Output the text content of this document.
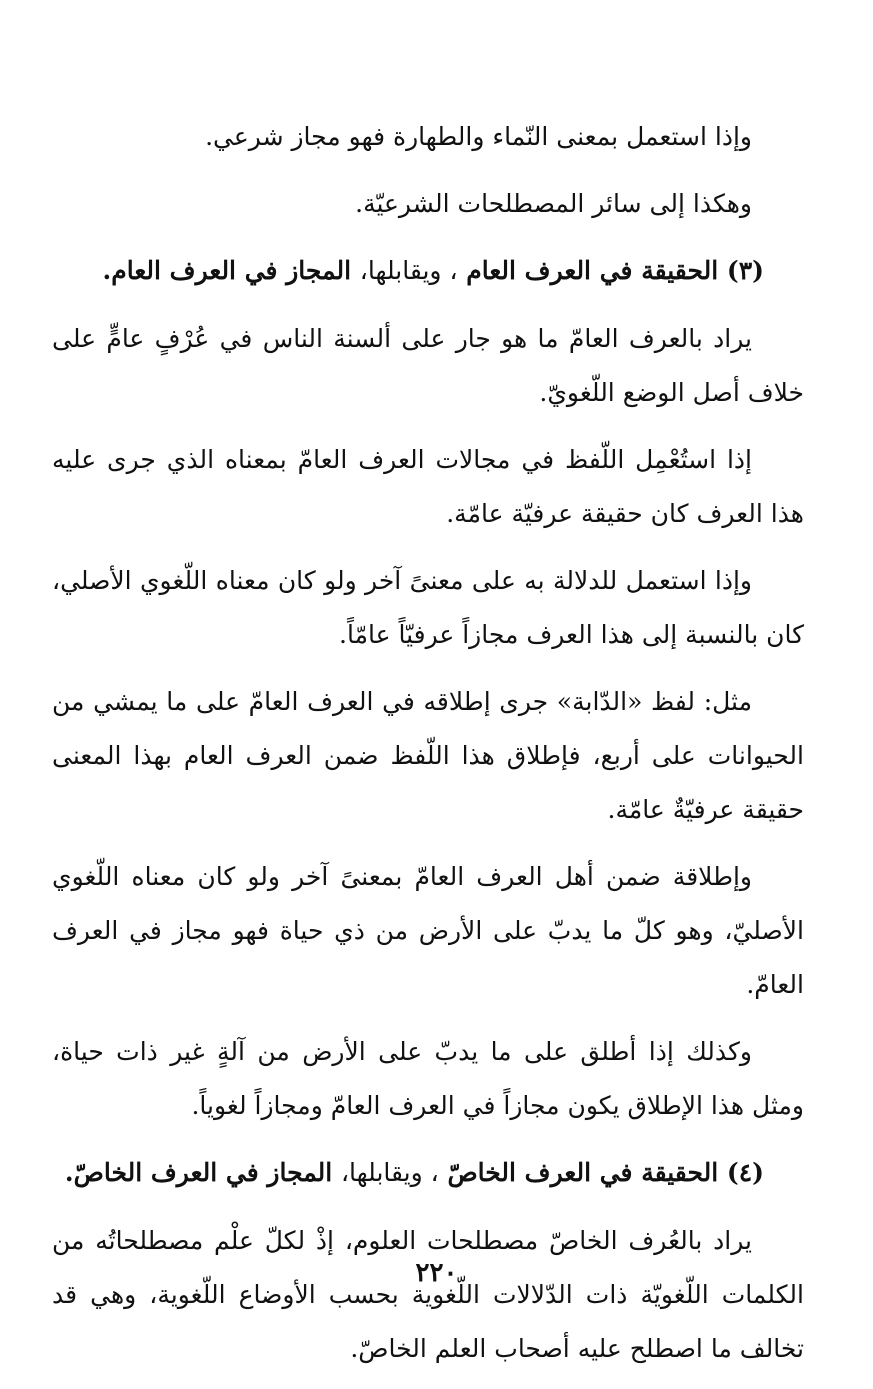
وإذا استعمل بمعنى النّماء والطهارة فهو مجاز شرعي.

وهكذا إلى سائر المصطلحات الشرعيّة.

(٣) الحقيقة في العرف العام ، ويقابلها، المجاز في العرف العام.

يراد بالعرف العامّ ما هو جار على ألسنة الناس في عُرْفٍ عامٍّ على خلاف أصل الوضع اللّغويّ.

إذا استُعْمِل اللّفظ في مجالات العرف العامّ بمعناه الذي جرى عليه هذا العرف كان حقيقة عرفيّة عامّة.

وإذا استعمل للدلالة به على معنىً آخر ولو كان معناه اللّغوي الأصلي، كان بالنسبة إلى هذا العرف مجازاً عرفيّاً عامّاً.

مثل: لفظ «الدّابة» جرى إطلاقه في العرف العامّ على ما يمشي من الحيوانات على أربع، فإطلاق هذا اللّفظ ضمن العرف العام بهذا المعنى حقيقة عرفيّةٌ عامّة.

وإطلاقة ضمن أهل العرف العامّ بمعنىً آخر ولو كان معناه اللّغوي الأصليّ، وهو كلّ ما يدبّ على الأرض من ذي حياة فهو مجاز في العرف العامّ.

وكذلك إذا أطلق على ما يدبّ على الأرض من آلةٍ غير ذات حياة، ومثل هذا الإطلاق يكون مجازاً في العرف العامّ ومجازاً لغوياً.

(٤) الحقيقة في العرف الخاصّ ، ويقابلها، المجاز في العرف الخاصّ.

يراد بالعُرف الخاصّ مصطلحات العلوم، إذْ لكلّ علْم مصطلحاتُه من الكلمات اللّغويّة ذات الدّلالات اللّغوية بحسب الأوضاع اللّغوية، وهي قد تخالف ما اصطلح عليه أصحاب العلم الخاصّ.

٢٢٠
